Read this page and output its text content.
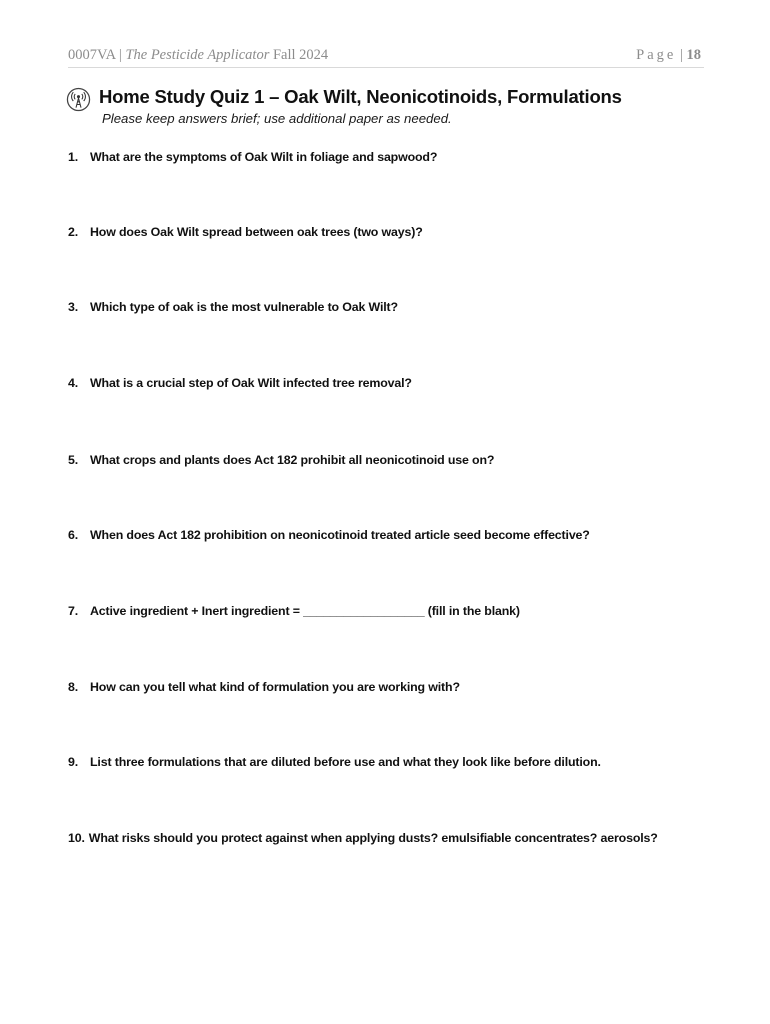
0007VA | The Pesticide Applicator Fall 2024	Page | 18
Home Study Quiz 1 – Oak Wilt, Neonicotinoids, Formulations
Please keep answers brief; use additional paper as needed.
1. What are the symptoms of Oak Wilt in foliage and sapwood?
2. How does Oak Wilt spread between oak trees (two ways)?
3. Which type of oak is the most vulnerable to Oak Wilt?
4. What is a crucial step of Oak Wilt infected tree removal?
5. What crops and plants does Act 182 prohibit all neonicotinoid use on?
6. When does Act 182 prohibition on neonicotinoid treated article seed become effective?
7. Active ingredient + Inert ingredient = __________________ (fill in the blank)
8. How can you tell what kind of formulation you are working with?
9. List three formulations that are diluted before use and what they look like before dilution.
10. What risks should you protect against when applying dusts? emulsifiable concentrates? aerosols?
